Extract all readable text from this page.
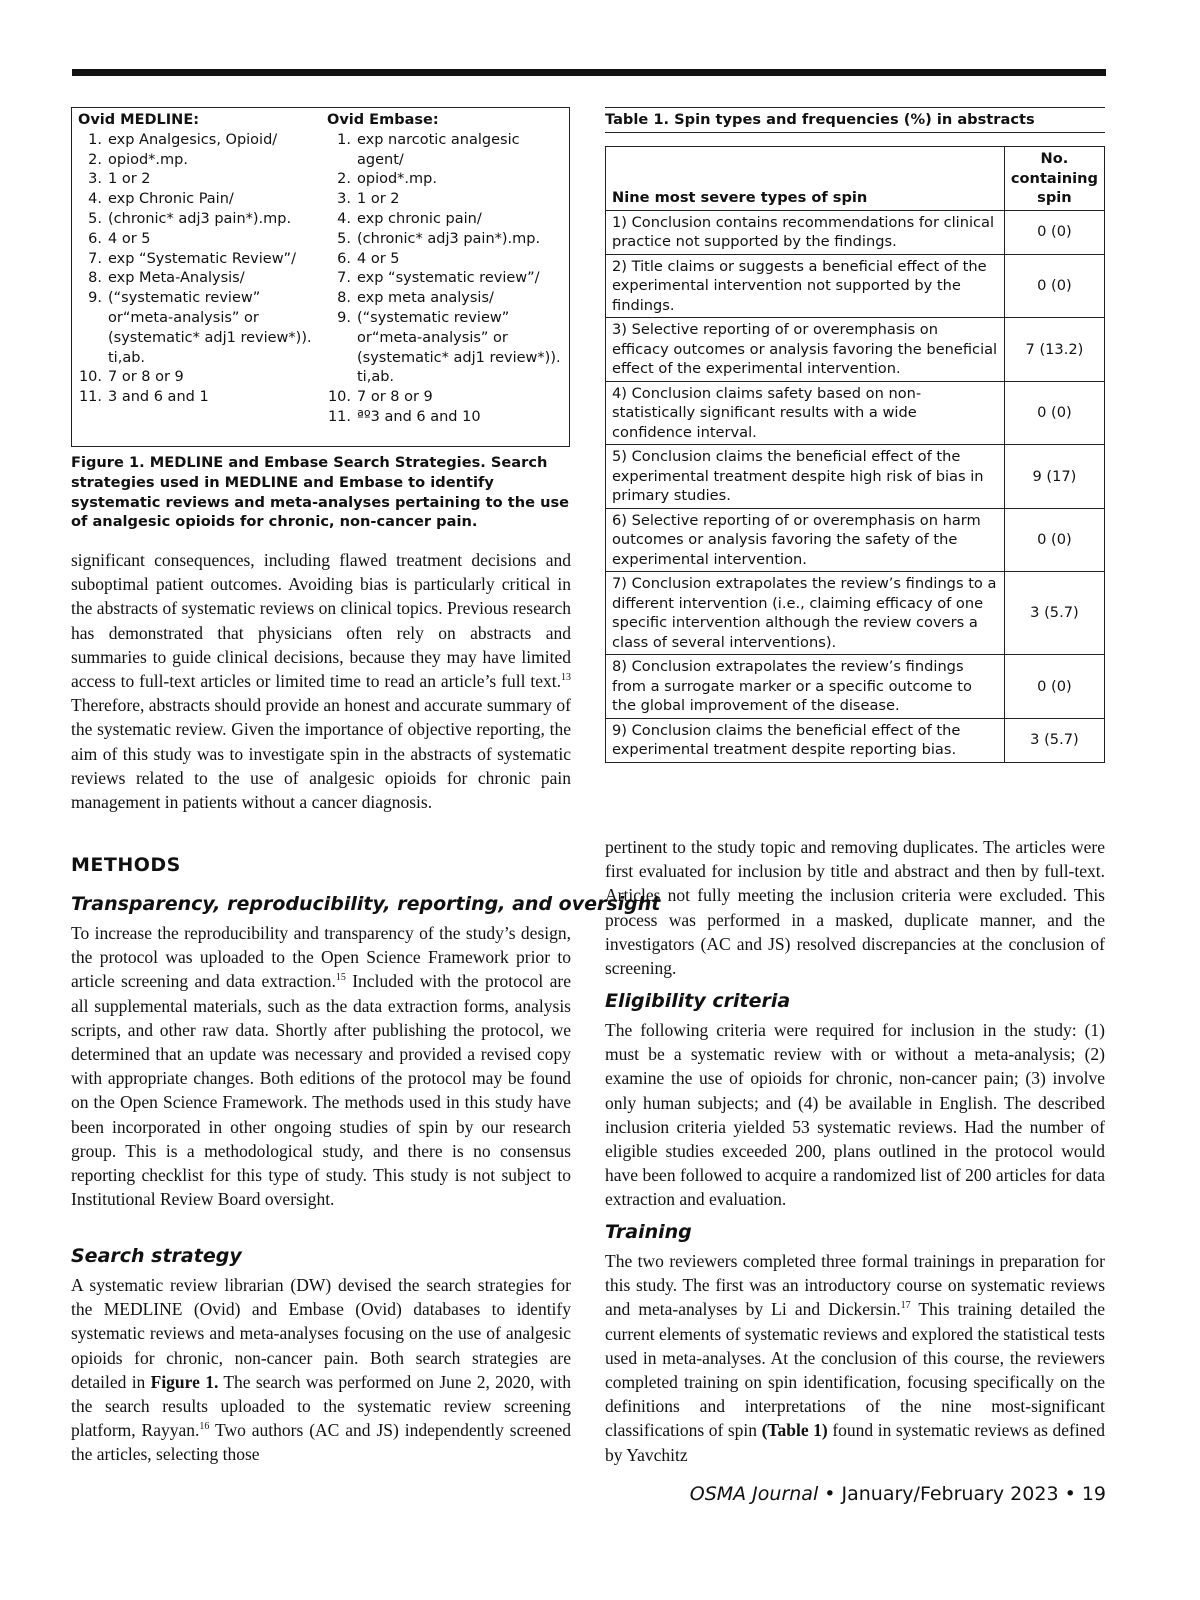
Ovid MEDLINE:
1. exp Analgesics, Opioid/
2. opiod*.mp.
3. 1 or 2
4. exp Chronic Pain/
5. (chronic* adj3 pain*).mp.
6. 4 or 5
7. exp “Systematic Review”/
8. exp Meta-Analysis/
9. (“systematic review” or“meta-analysis” or (systematic* adj1 review*)). ti,ab.
10. 7 or 8 or 9
11. 3 and 6 and 1
Ovid Embase:
1. exp narcotic analgesic agent/
2. opiod*.mp.
3. 1 or 2
4. exp chronic pain/
5. (chronic* adj3 pain*).mp.
6. 4 or 5
7. exp “systematic review”/
8. exp meta analysis/
9. (“systematic review” or“meta-analysis” or (systematic* adj1 review*)). ti,ab.
10. 7 or 8 or 9
11. ªº3 and 6 and 10
Figure 1. MEDLINE and Embase Search Strategies. Search strategies used in MEDLINE and Embase to identify systematic reviews and meta-analyses pertaining to the use of analgesic opioids for chronic, non-cancer pain.
significant consequences, including flawed treatment decisions and suboptimal patient outcomes. Avoiding bias is particularly critical in the abstracts of systematic reviews on clinical topics. Previous research has demonstrated that physicians often rely on abstracts and summaries to guide clinical decisions, because they may have limited access to full-text articles or limited time to read an article’s full text.$^{13}$ Therefore, abstracts should provide an honest and accurate summary of the systematic review. Given the importance of objective reporting, the aim of this study was to investigate spin in the abstracts of systematic reviews related to the use of analgesic opioids for chronic pain management in patients without a cancer diagnosis.
METHODS
Transparency, reproducibility, reporting, and oversight
To increase the reproducibility and transparency of the study’s design, the protocol was uploaded to the Open Science Framework prior to article screening and data extraction.$^{15}$ Included with the protocol are all supplemental materials, such as the data extraction forms, analysis scripts, and other raw data. Shortly after publishing the protocol, we determined that an update was necessary and provided a revised copy with appropriate changes. Both editions of the protocol may be found on the Open Science Framework. The methods used in this study have been incorporated in other ongoing studies of spin by our research group. This is a methodological study, and there is no consensus reporting checklist for this type of study. This study is not subject to Institutional Review Board oversight.
Search strategy
A systematic review librarian (DW) devised the search strategies for the MEDLINE (Ovid) and Embase (Ovid) databases to identify systematic reviews and meta-analyses focusing on the use of analgesic opioids for chronic, non-cancer pain. Both search strategies are detailed in Figure 1. The search was performed on June 2, 2020, with the search results uploaded to the systematic review screening platform, Rayyan.$^{16}$ Two authors (AC and JS) independently screened the articles, selecting those
Table 1. Spin types and frequencies (%) in abstracts
Nine most severe types of spin	No. containing spin
1) Conclusion contains recommendations for clinical practice not supported by the findings.	0 (0)
2) Title claims or suggests a beneficial effect of the experimental intervention not supported by the findings.	0 (0)
3) Selective reporting of or overemphasis on efficacy outcomes or analysis favoring the beneficial effect of the experimental intervention.	7 (13.2)
4) Conclusion claims safety based on non-statistically significant results with a wide confidence interval.	0 (0)
5) Conclusion claims the beneficial effect of the experimental treatment despite high risk of bias in primary studies.	9 (17)
6) Selective reporting of or overemphasis on harm outcomes or analysis favoring the safety of the experimental intervention.	0 (0)
7) Conclusion extrapolates the review’s findings to a different intervention (i.e., claiming efficacy of one specific intervention although the review covers a class of several interventions).	3 (5.7)
8) Conclusion extrapolates the review’s findings from a surrogate marker or a specific outcome to the global improvement of the disease.	0 (0)
9) Conclusion claims the beneficial effect of the experimental treatment despite reporting bias.	3 (5.7)
pertinent to the study topic and removing duplicates. The articles were first evaluated for inclusion by title and abstract and then by full-text. Articles not fully meeting the inclusion criteria were excluded. This process was performed in a masked, duplicate manner, and the investigators (AC and JS) resolved discrepancies at the conclusion of screening.
Eligibility criteria
The following criteria were required for inclusion in the study: (1) must be a systematic review with or without a meta-analysis; (2) examine the use of opioids for chronic, non-cancer pain; (3) involve only human subjects; and (4) be available in English. The described inclusion criteria yielded 53 systematic reviews. Had the number of eligible studies exceeded 200, plans outlined in the protocol would have been followed to acquire a randomized list of 200 articles for data extraction and evaluation.
Training
The two reviewers completed three formal trainings in preparation for this study. The first was an introductory course on systematic reviews and meta-analyses by Li and Dickersin.$^{17}$ This training detailed the current elements of systematic reviews and explored the statistical tests used in meta-analyses. At the conclusion of this course, the reviewers completed training on spin identification, focusing specifically on the definitions and interpretations of the nine most-significant classifications of spin (Table 1) found in systematic reviews as defined by Yavchitz
OSMA Journal • January/February 2023 • 19
